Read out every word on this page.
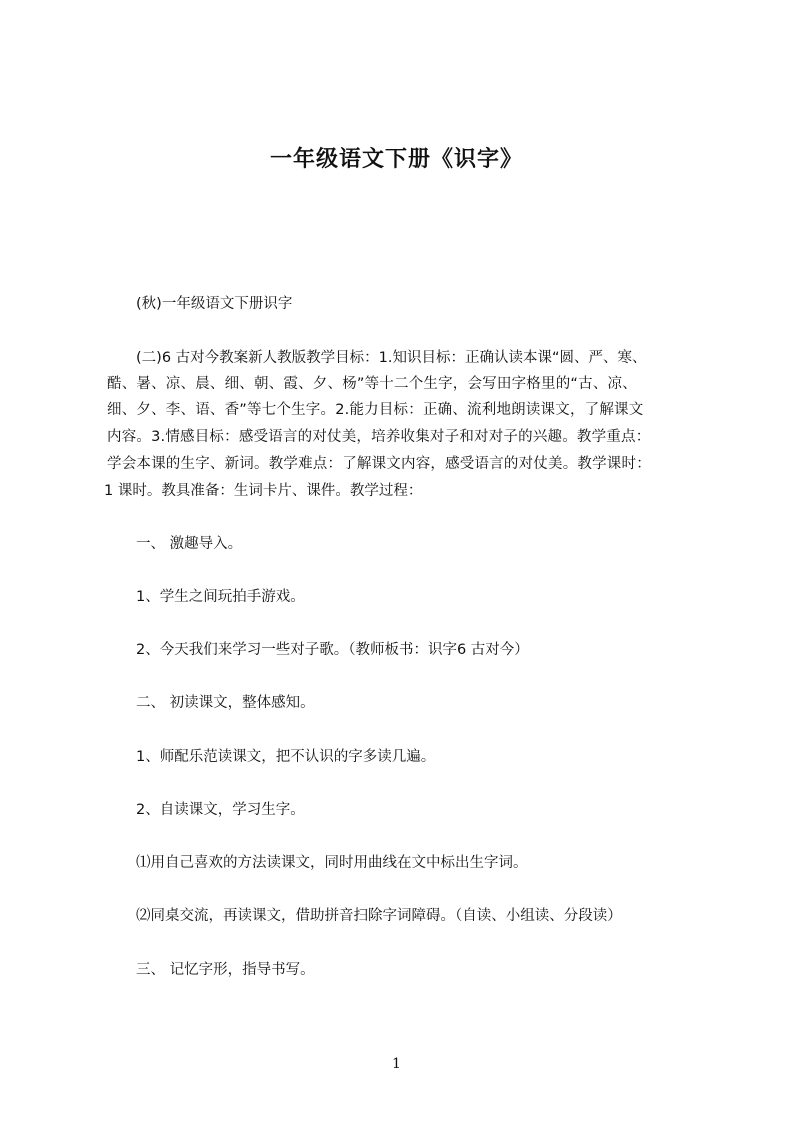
一年级语文下册《识字》

(秋)一年级语文下册识字

(二)6 古对今教案新人教版教学目标：1.知识目标：正确认读本课“圆、严、寒、

酷、暑、凉、晨、细、朝、霞、夕、杨”等十二个生字，会写田字格里的“古、凉、

细、夕、李、语、香”等七个生字。2.能力目标：正确、流利地朗读课文，了解课文

内容。3.情感目标：感受语言的对仗美，培养收集对子和对对子的兴趣。教学重点：

学会本课的生字、新词。教学难点：了解课文内容，感受语言的对仗美。教学课时：

1 课时。教具准备：生词卡片、课件。教学过程：

一、 激趣导入。

1、学生之间玩拍手游戏。

2、今天我们来学习一些对子歌。（教师板书：识字6 古对今）

二、 初读课文，整体感知。

1、师配乐范读课文，把不认识的字多读几遍。

2、自读课文，学习生字。

⑴用自己喜欢的方法读课文，同时用曲线在文中标出生字词。

⑵同桌交流，再读课文，借助拼音扫除字词障碍。（自读、小组读、分段读）

三、 记忆字形，指导书写。

1
